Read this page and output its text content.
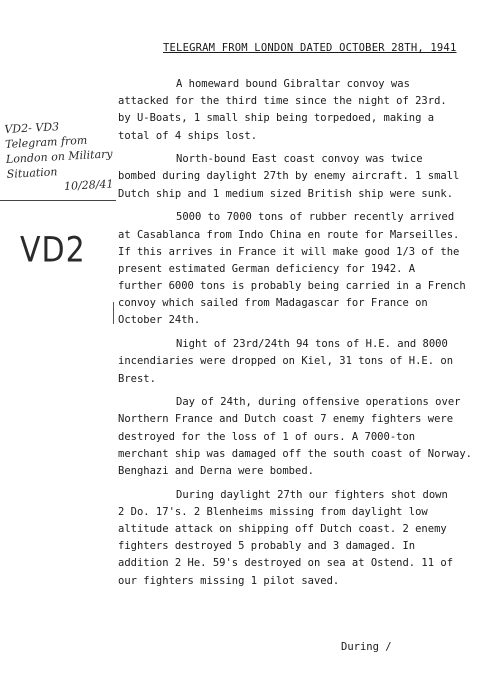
TELEGRAM FROM LONDON DATED OCTOBER 28TH, 1941
VD2- VD3
Telegram from
London on Military
Situation
10/28/41
VD2
A homeward bound Gibraltar convoy was
attacked for the third time since the night of 23rd.
by U-Boats, 1 small ship being torpedoed, making a
total of 4 ships lost.
North-bound East coast convoy was twice
bombed during daylight 27th by enemy aircraft. 1 small
Dutch ship and 1 medium sized British ship were sunk.
5000 to 7000 tons of rubber recently arrived
at Casablanca from Indo China en route for Marseilles.
If this arrives in France it will make good 1/3 of the
present estimated German deficiency for 1942. A
further 6000 tons is probably being carried in a French
convoy which sailed from Madagascar for France on
October 24th.
Night of 23rd/24th 94 tons of H.E. and 8000
incendiaries were dropped on Kiel, 31 tons of H.E. on
Brest.
Day of 24th, during offensive operations over
Northern France and Dutch coast 7 enemy fighters were
destroyed for the loss of 1 of ours. A 7000-ton
merchant ship was damaged off the south coast of Norway.
Benghazi and Derna were bombed.
During daylight 27th our fighters shot down
2 Do. 17's. 2 Blenheims missing from daylight low
altitude attack on shipping off Dutch coast. 2 enemy
fighters destroyed 5 probably and 3 damaged. In
addition 2 He. 59's destroyed on sea at Ostend. 11 of
our fighters missing 1 pilot saved.
During /
